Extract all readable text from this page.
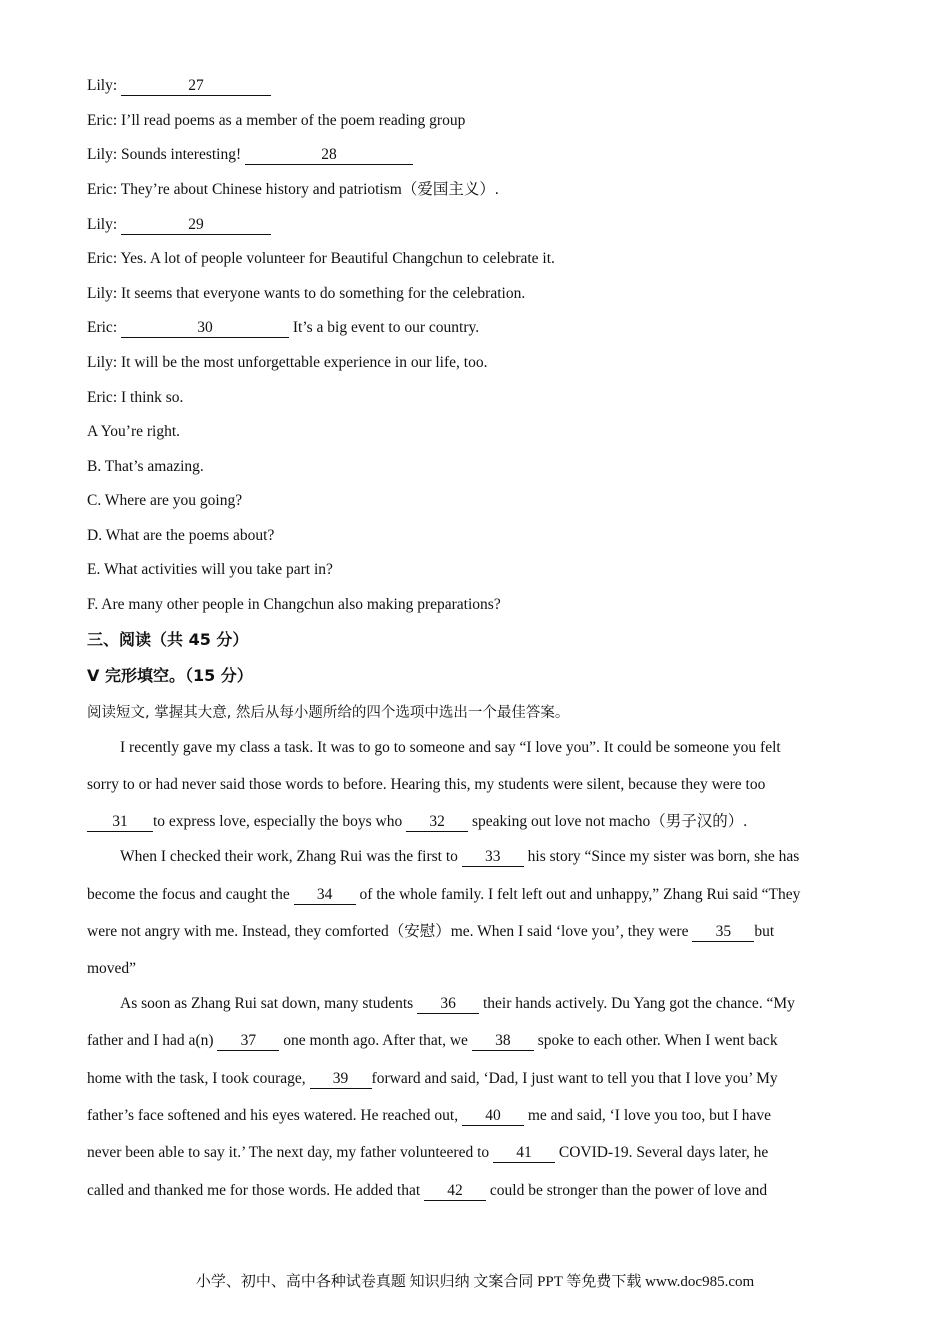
Lily:	27
Eric: I’ll read poems as a member of the poem reading group
Lily: Sounds interesting!	28
Eric: They’re about Chinese history and patriotism（爱国主义）.
Lily:	29
Eric: Yes. A lot of people volunteer for Beautiful Changchun to celebrate it.
Lily: It seems that everyone wants to do something for the celebration.
Eric:	30	It’s a big event to our country.
Lily: It will be the most unforgettable experience in our life, too.
Eric: I think so.
A You’re right.
B. That’s amazing.
C. Where are you going?
D. What are the poems about?
E. What activities will you take part in?
F. Are many other people in Changchun also making preparations?
三、阅读（共 45 分）
V 完形填空。（15 分）
阅读短文, 掌握其大意, 然后从每小题所给的四个选项中选出一个最佳答案。
I recently gave my class a task. It was to go to someone and say “I love you”. It could be someone you felt
sorry to or had never said those words to before. Hearing this, my students were silent, because they were too
31 to express love, especially the boys who 32 speaking out love not macho（男子汉的）.
When I checked their work, Zhang Rui was the first to 33 his story “Since my sister was born, she has
become the focus and caught the 34 of the whole family. I felt left out and unhappy,” Zhang Rui said “They
were not angry with me. Instead, they comforted（安慰）me. When I said ‘love you’, they were 35 but
moved”
As soon as Zhang Rui sat down, many students 36 their hands actively. Du Yang got the chance. “My
father and I had a(n) 37 one month ago. After that, we 38 spoke to each other. When I went back
home with the task, I took courage, 39 forward and said, ‘Dad, I just want to tell you that I love you’ My
father’s face softened and his eyes watered. He reached out, 40 me and said, ‘I love you too, but I have
never been able to say it.’ The next day, my father volunteered to 41 COVID-19. Several days later, he
called and thanked me for those words. He added that 42 could be stronger than the power of love and
小学、初中、高中各种试卷真题 知识归纳 文案合同 PPT 等免费下载 www.doc985.com
